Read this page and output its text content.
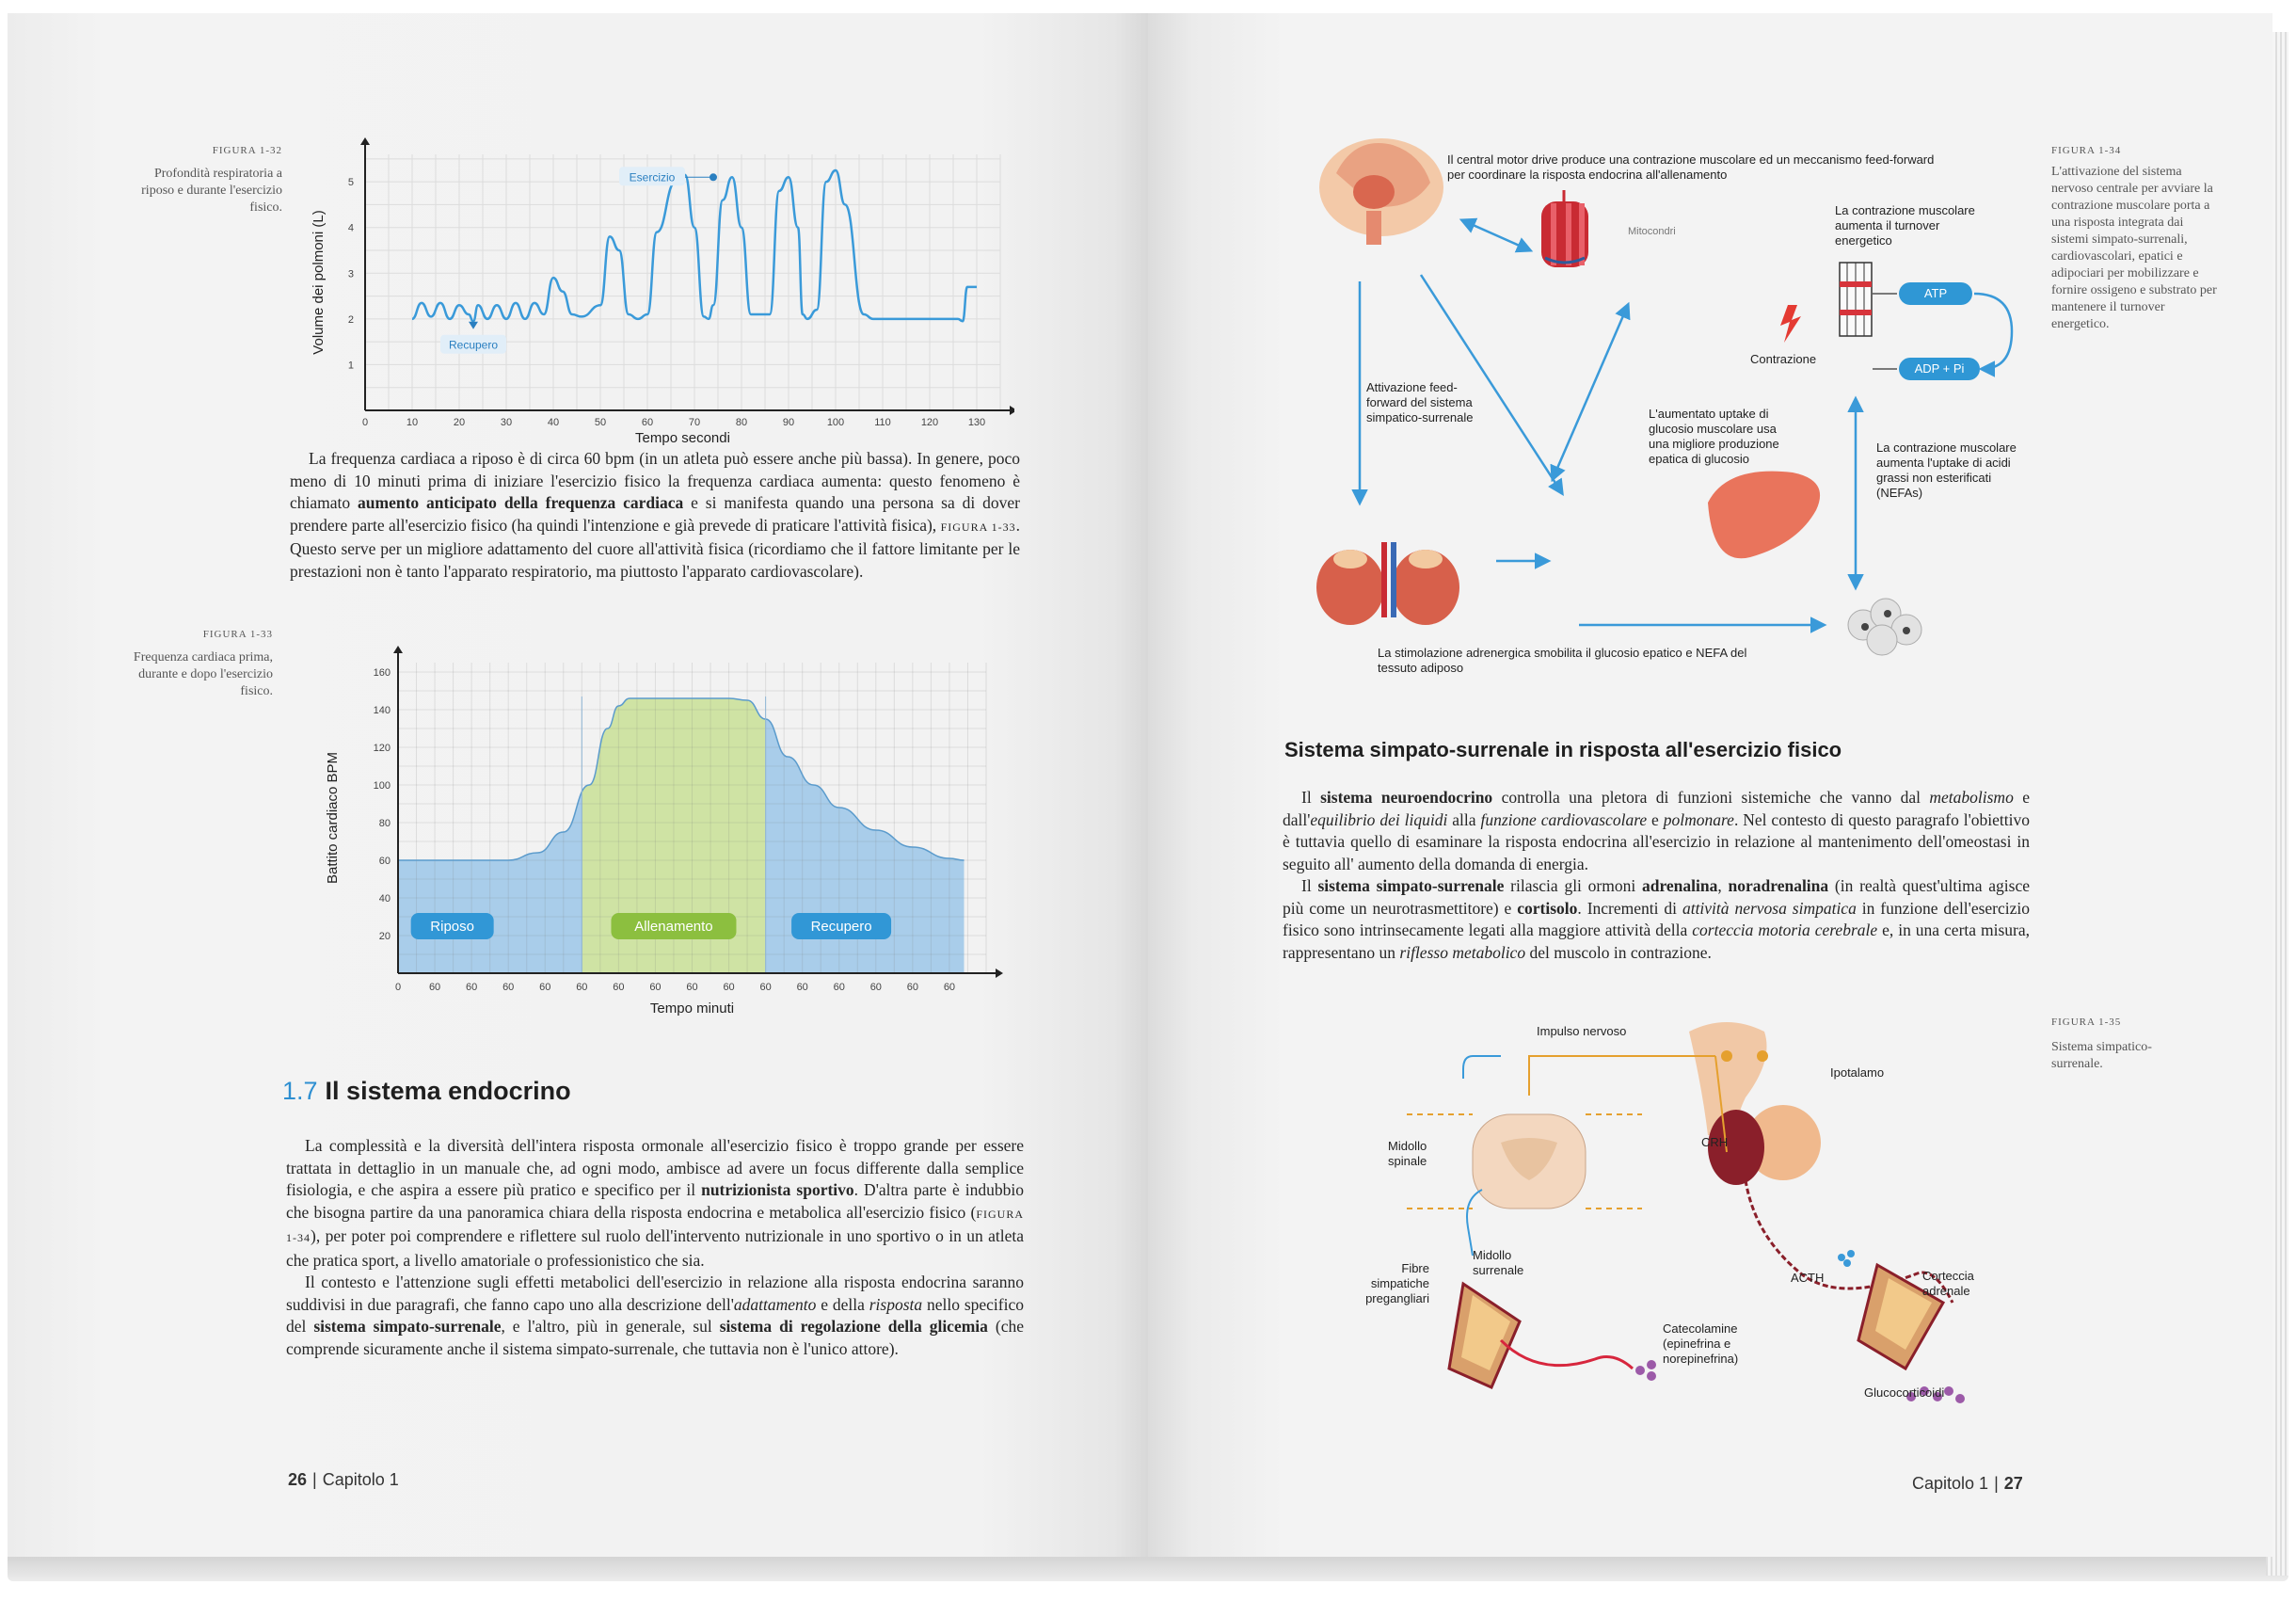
FIGURA 1-32
Profondità respiratoria a riposo e durante l'esercizio fisico.
0	10	20	30	40	50	60	70	80	90	100	110	120	130
1
2
3
4
5	Esercizio
Recupero
Tempo secondi
Volume dei polmoni (L)

La frequenza cardiaca a riposo è di circa 60 bpm (in un atleta può essere anche più bassa). In genere, poco meno di 10 minuti prima di iniziare l'esercizio fisico la frequenza cardiaca aumenta: questo fenomeno è chiamato aumento anticipato della frequenza cardiaca e si manifesta quando una persona sa di dover prendere parte all'esercizio fisico (ha quindi l'intenzione e già prevede di praticare l'attività fisica), FIGURA 1-33. Questo serve per un migliore adattamento del cuore all'attività fisica (ricordiamo che il fattore limitante per le prestazioni non è tanto l'apparato respiratorio, ma piuttosto l'apparato cardiovascolare).

FIGURA 1-33
Frequenza cardiaca prima, durante e dopo l'esercizio fisico.
0	60 60 60 60 60 60 60 60 60 60 60 60 60 60 60
20
40
60
80
100
120
140
160
Riposo	Allenamento	Recupero
Tempo minuti
Battito cardiaco BPM
1.7 Il sistema endocrino

La complessità e la diversità dell'intera risposta ormonale all'esercizio fisico è troppo grande per essere trattata in dettaglio in un manuale che, ad ogni modo, ambisce ad avere un focus differente dalla semplice fisiologia, e che aspira a essere più pratico e specifico per il nutrizionista sportivo. D'altra parte è indubbio che bisogna partire da una panoramica chiara della risposta endocrina e metabolica all'esercizio fisico (FIGURA 1-34), per poter poi comprendere e riflettere sul ruolo dell'intervento nutrizionale in uno sportivo o in un atleta che pratica sport, a livello amatoriale o professionistico che sia.

Il contesto e l'attenzione sugli effetti metabolici dell'esercizio in relazione alla risposta endocrina saranno suddivisi in due paragrafi, che fanno capo uno alla descrizione dell'adattamento e della risposta nello specifico del sistema simpato-surrenale, e l'altro, più in generale, sul sistema di regolazione della glicemia (che comprende sicuramente anche il sistema simpato-surrenale, che tuttavia non è l'unico attore).

26 | Capitolo 1
Il central motor drive produce una contrazione muscolare ed un meccanismo feed-forward per coordinare la risposta endocrina all'allenamento
Mitocondri
La contrazione muscolare aumenta il turnover energetico
Contrazione
ATP
ADP + Pi
Attivazione feed-forward del sistema simpatico-surrenale	L'aumentato uptake di glucosio muscolare usa una migliore produzione epatica di glucosio
La contrazione muscolare aumenta l'uptake di acidi grassi non esterificati (NEFAs)
La stimolazione adrenergica smobilita il glucosio epatico e NEFA del tessuto adiposo
FIGURA 1-34
L'attivazione del sistema nervoso centrale per avviare la contrazione muscolare porta a una risposta integrata dai sistemi simpato-surrenali, cardiovascolari, epatici e adipociari per mobilizzare e fornire ossigeno e substrato per mantenere il turnover energetico.
Sistema simpato-surrenale in risposta all'esercizio fisico

Il sistema neuroendocrino controlla una pletora di funzioni sistemiche che vanno dal metabolismo e dall'equilibrio dei liquidi alla funzione cardiovascolare e polmonare. Nel contesto di questo paragrafo l'obiettivo è tuttavia quello di esaminare la risposta endocrina all'esercizio in relazione al mantenimento dell'omeostasi in seguito all' aumento della domanda di energia.

Il sistema simpato-surrenale rilascia gli ormoni adrenalina, noradrenalina (in realtà quest'ultima agisce più come un neurotrasmettitore) e cortisolo. Incrementi di attività nervosa simpatica in funzione dell'esercizio fisico sono intrinsecamente legati alla maggiore attività della corteccia motoria cerebrale e, in una certa misura, rappresentano un riflesso metabolico del muscolo in contrazione.

FIGURA 1-35
Sistema simpatico-surrenale.
Impulso nervoso
Ipotalamo
Midollo spinale
CRH
Fibre simpatiche pregangliari
Midollo surrenale
ACTH	Corteccia adrenale
Catecolamine (epinefrina e norepinefrina)
Glucocorticoidi
Capitolo 1 | 27
